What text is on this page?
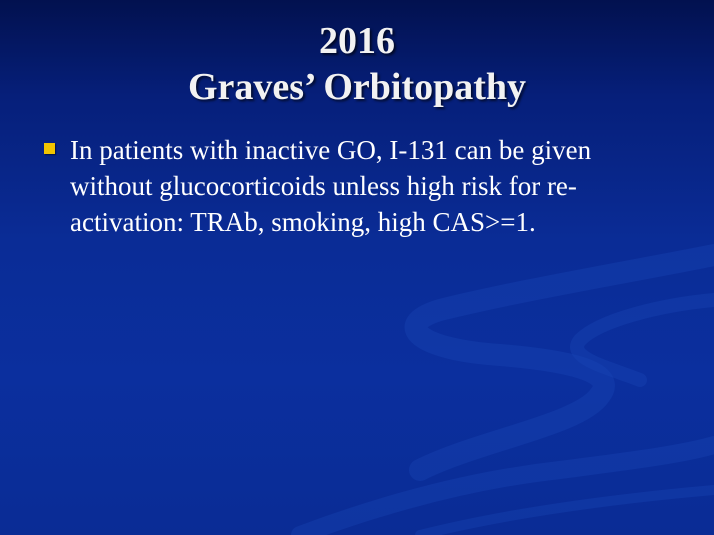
2016
Graves’ Orbitopathy
In patients with inactive GO, I-131 can be given without glucocorticoids unless high risk for re-activation: TRAb, smoking, high CAS>=1.
